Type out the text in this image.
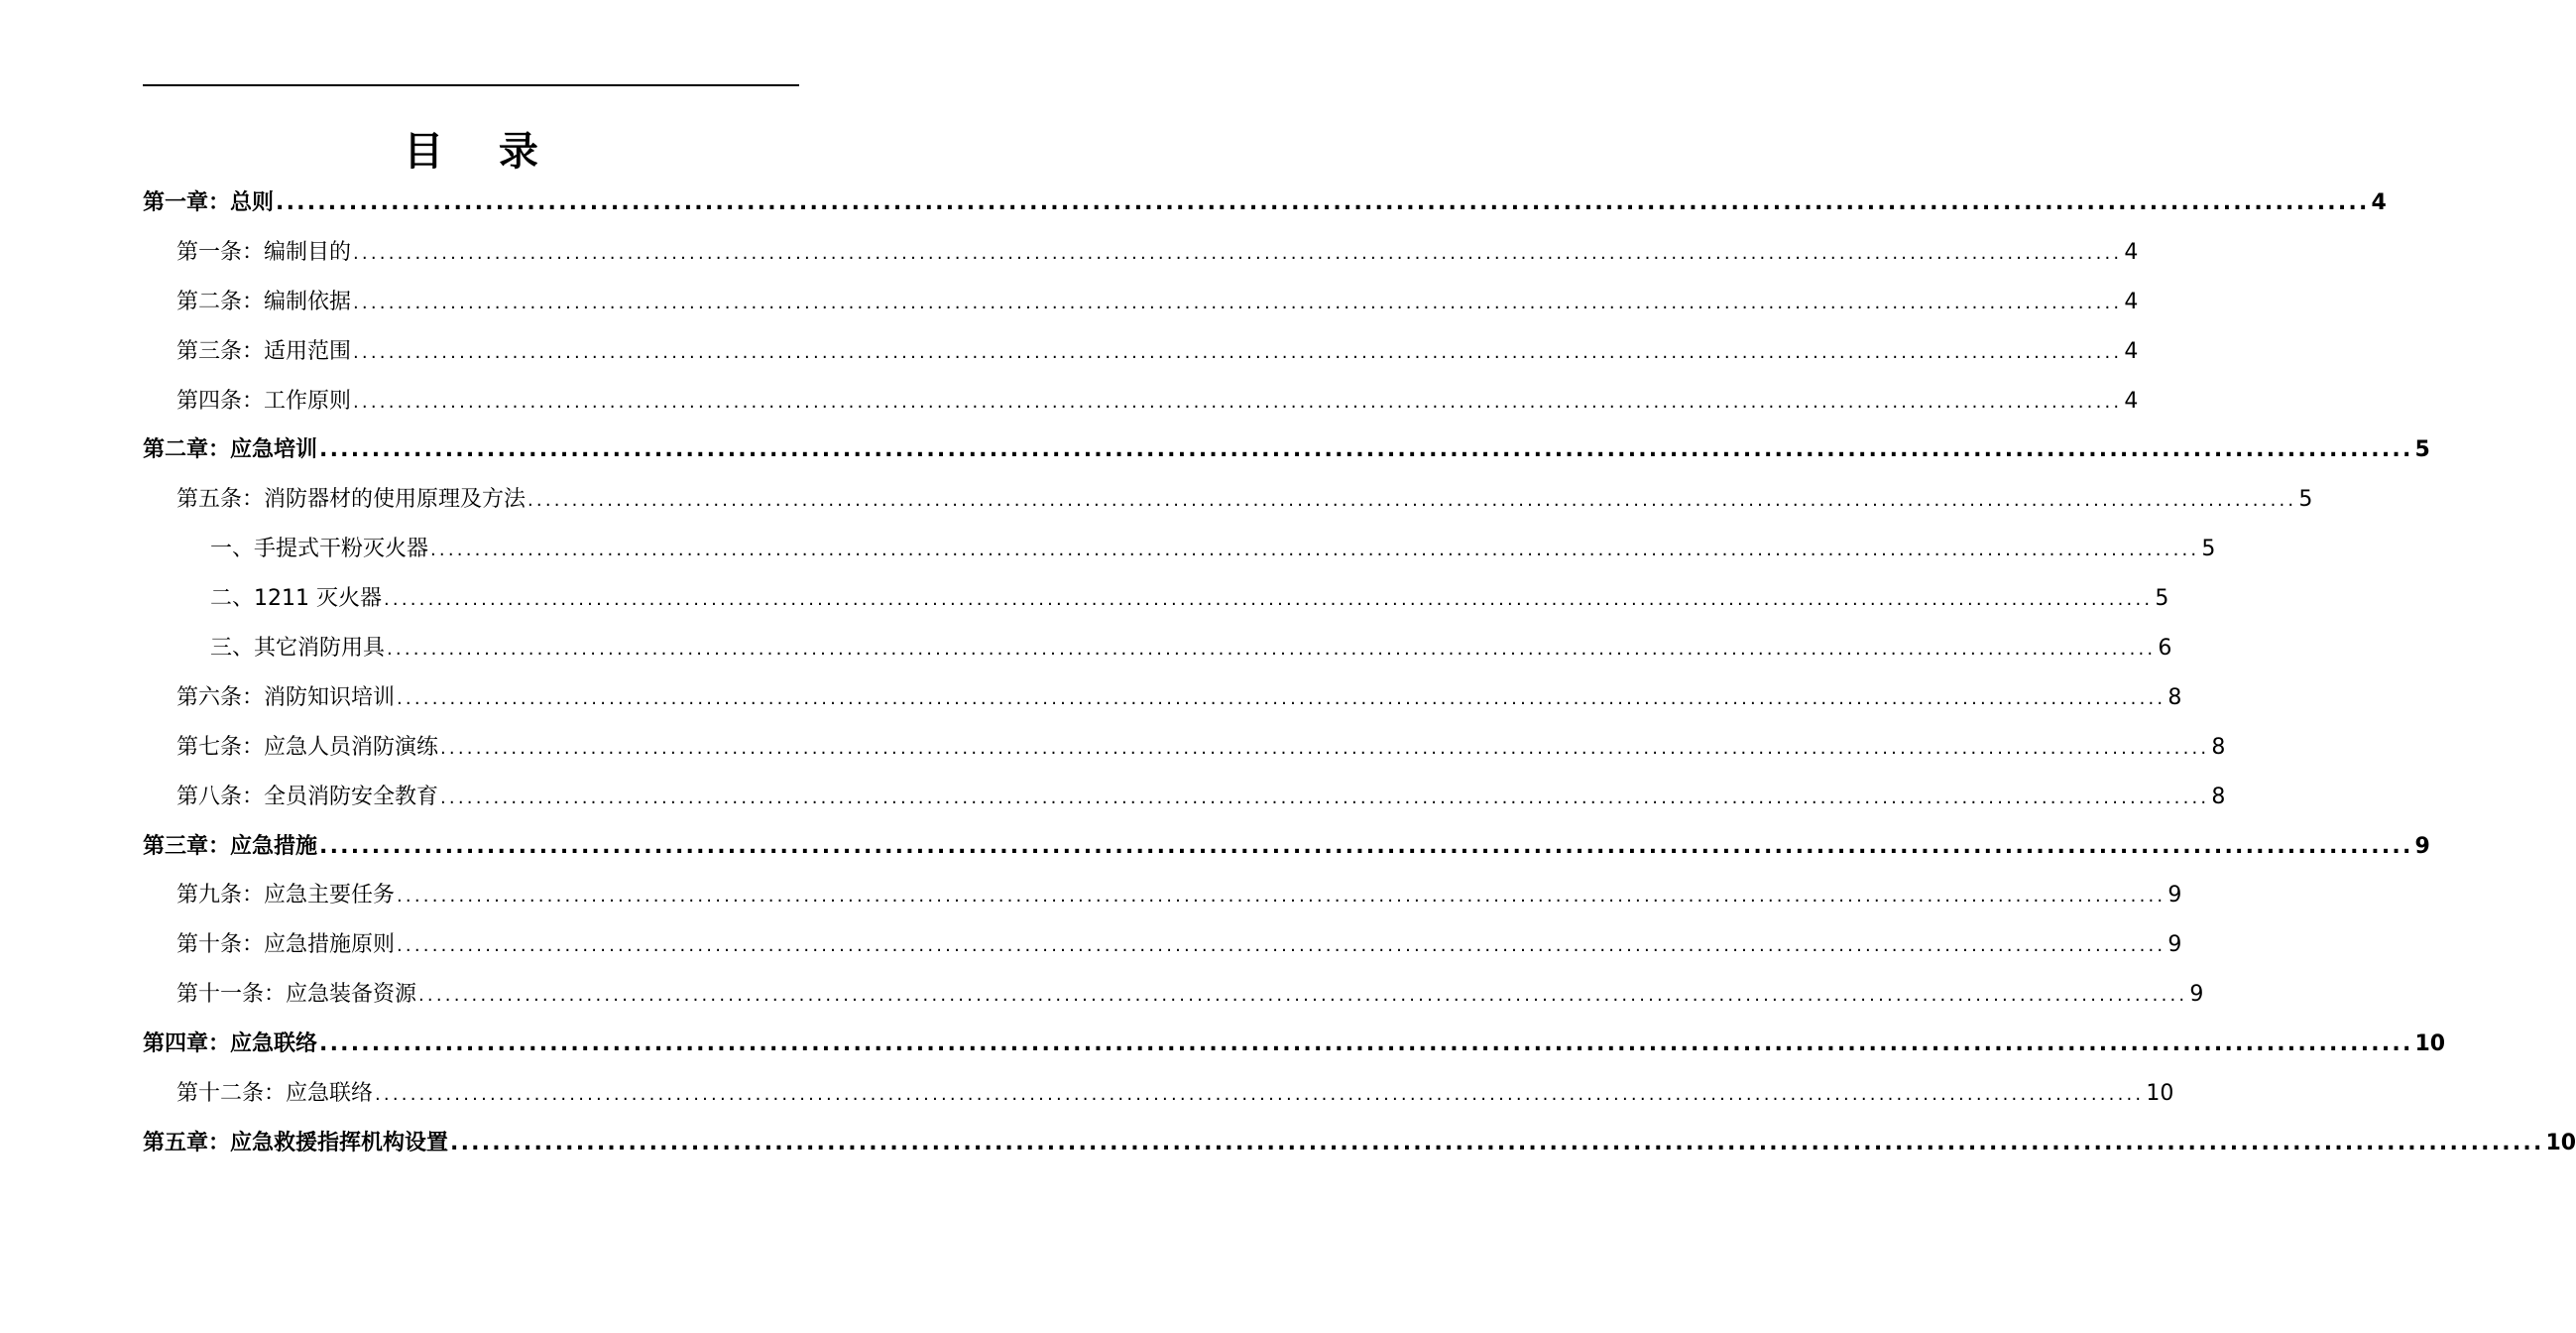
目    录
第一章：总则 ........................................................................................................................................................................................................ 4
第一条：编制目的 ........................................................................................................................................................................................................ 4
第二条：编制依据 ........................................................................................................................................................................................................ 4
第三条：适用范围 ........................................................................................................................................................................................................ 4
第四条：工作原则 ........................................................................................................................................................................................................ 4
第二章：应急培训 ........................................................................................................................................................................................................ 5
第五条：消防器材的使用原理及方法 ........................................................................................................................................................................................................ 5
一、手提式干粉灭火器 ........................................................................................................................................................................................................ 5
二、1211 灭火器 ........................................................................................................................................................................................................ 5
三、其它消防用具 ........................................................................................................................................................................................................ 6
第六条：消防知识培训 ........................................................................................................................................................................................................ 8
第七条：应急人员消防演练 ........................................................................................................................................................................................................ 8
第八条：全员消防安全教育 ........................................................................................................................................................................................................ 8
第三章：应急措施 ........................................................................................................................................................................................................ 9
第九条：应急主要任务 ........................................................................................................................................................................................................ 9
第十条：应急措施原则 ........................................................................................................................................................................................................ 9
第十一条：应急装备资源 ........................................................................................................................................................................................................ 9
第四章：应急联络 ........................................................................................................................................................................................................ 10
第十二条：应急联络 ........................................................................................................................................................................................................ 10
第五章：应急救援指挥机构设置 ........................................................................................................................................................................................................ 10
